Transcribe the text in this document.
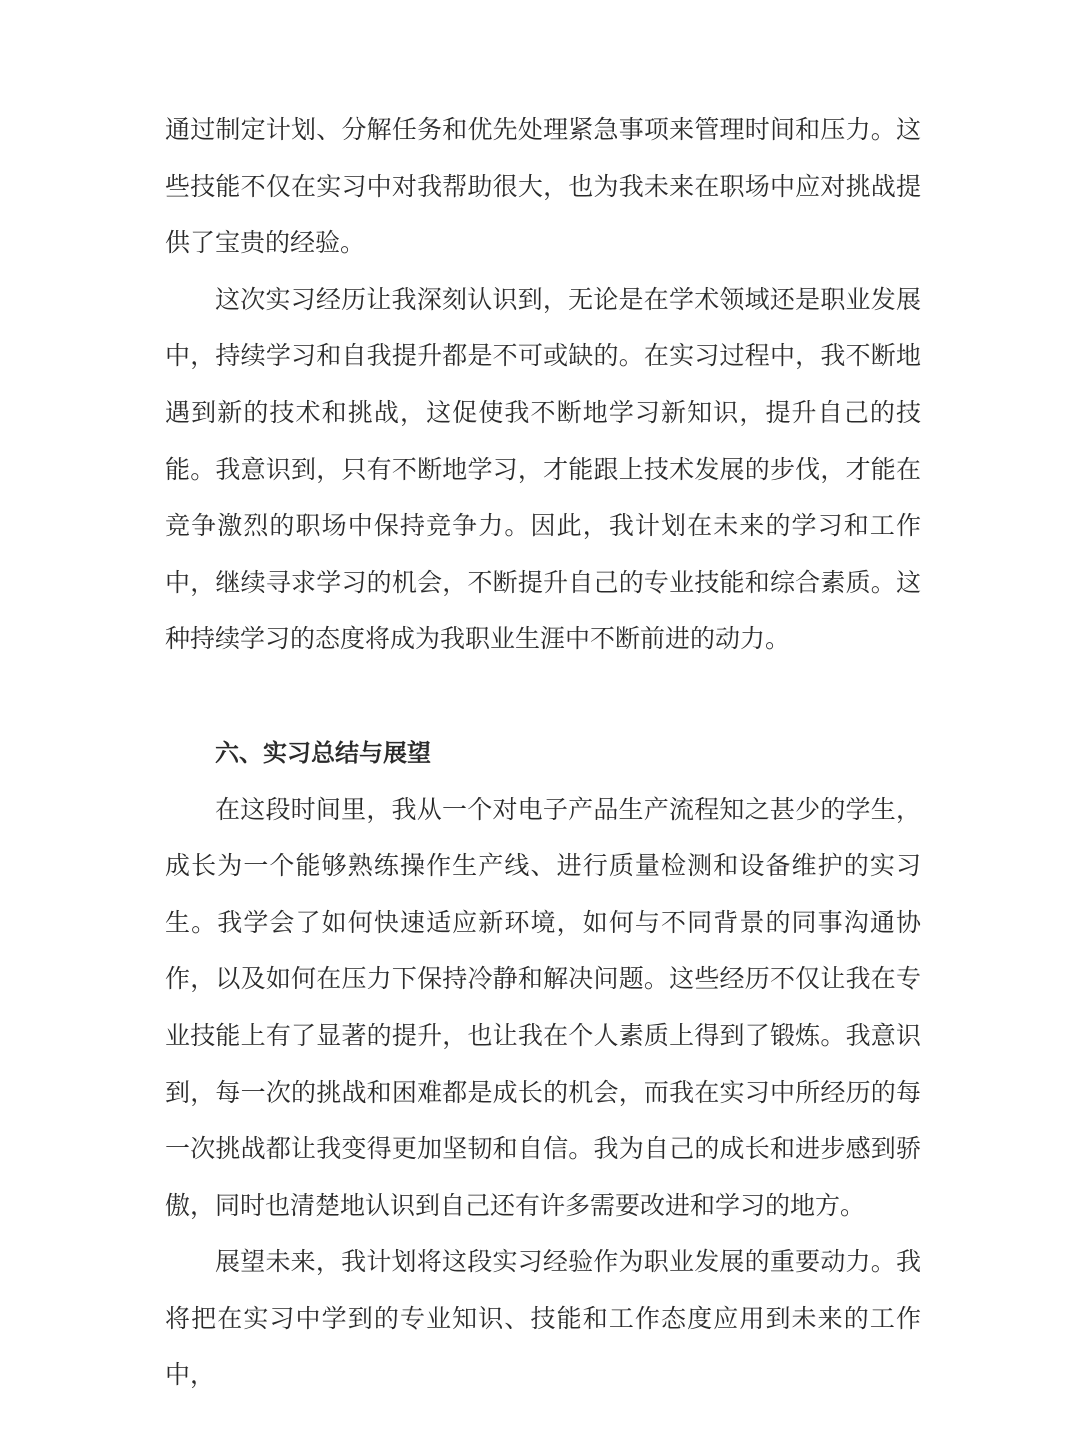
通过制定计划、分解任务和优先处理紧急事项来管理时间和压力。这些技能不仅在实习中对我帮助很大，也为我未来在职场中应对挑战提供了宝贵的经验。

这次实习经历让我深刻认识到，无论是在学术领域还是职业发展中，持续学习和自我提升都是不可或缺的。在实习过程中，我不断地遇到新的技术和挑战，这促使我不断地学习新知识，提升自己的技能。我意识到，只有不断地学习，才能跟上技术发展的步伐，才能在竞争激烈的职场中保持竞争力。因此，我计划在未来的学习和工作中，继续寻求学习的机会，不断提升自己的专业技能和综合素质。这种持续学习的态度将成为我职业生涯中不断前进的动力。

六、实习总结与展望

在这段时间里，我从一个对电子产品生产流程知之甚少的学生，成长为一个能够熟练操作生产线、进行质量检测和设备维护的实习生。我学会了如何快速适应新环境，如何与不同背景的同事沟通协作，以及如何在压力下保持冷静和解决问题。这些经历不仅让我在专业技能上有了显著的提升，也让我在个人素质上得到了锻炼。我意识到，每一次的挑战和困难都是成长的机会，而我在实习中所经历的每一次挑战都让我变得更加坚韧和自信。我为自己的成长和进步感到骄傲，同时也清楚地认识到自己还有许多需要改进和学习的地方。

展望未来，我计划将这段实习经验作为职业发展的重要动力。我将把在实习中学到的专业知识、技能和工作态度应用到未来的工作中，
